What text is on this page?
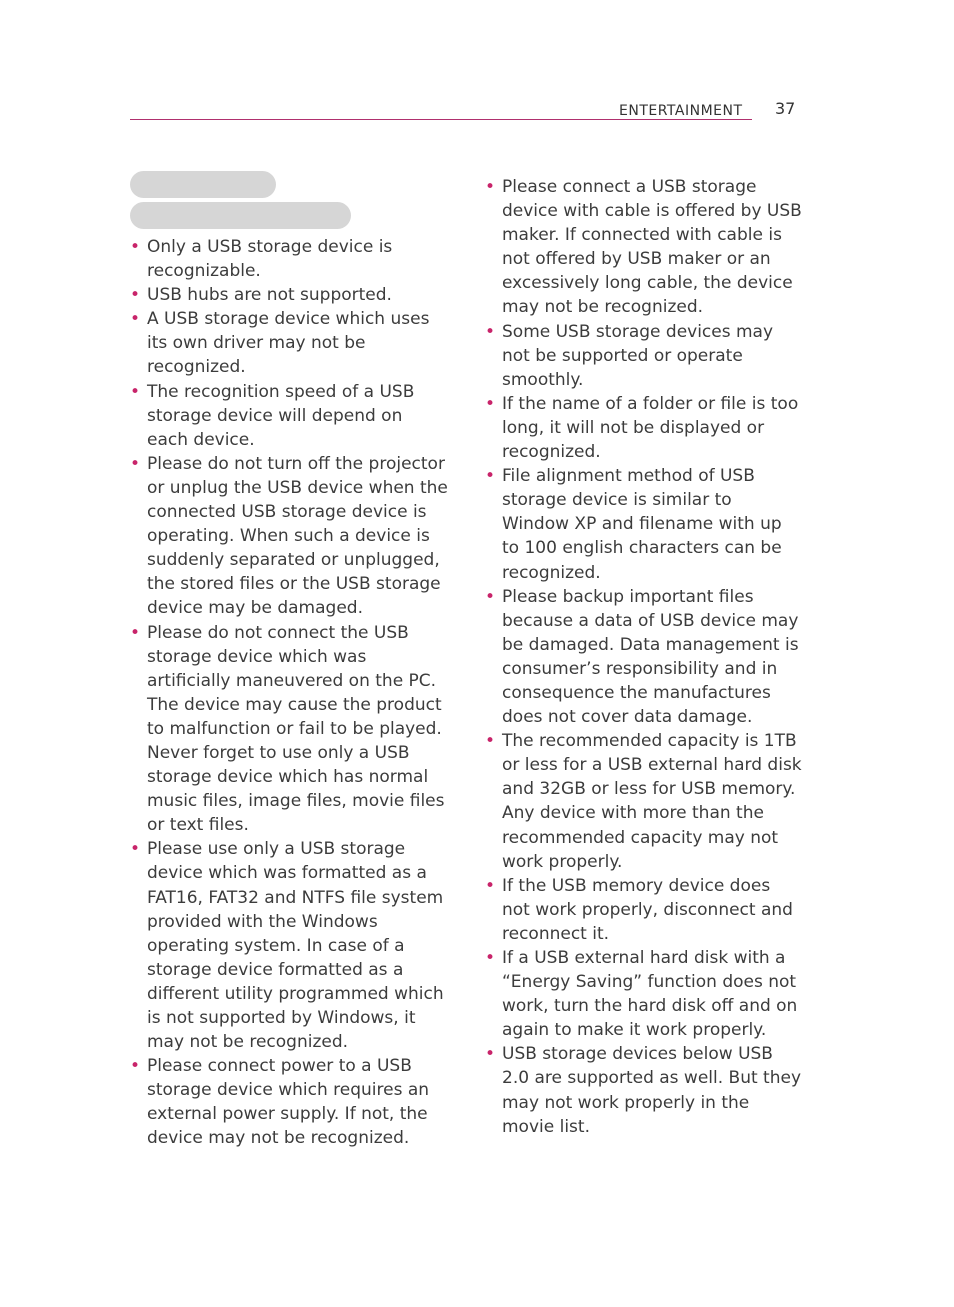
ENTERTAINMENT 37
• Only a USB storage device is recognizable.
• USB hubs are not supported.
• A USB storage device which uses its own driver may not be recognized.
• The recognition speed of a USB storage device will depend on each device.
• Please do not turn off the projector or unplug the USB device when the connected USB storage device is operating. When such a device is suddenly separated or unplugged, the stored files or the USB storage device may be damaged.
• Please do not connect the USB storage device which was artificially maneuvered on the PC. The device may cause the product to malfunction or fail to be played. Never forget to use only a USB storage device which has normal music files, image files, movie files or text files.
• Please use only a USB storage device which was formatted as a FAT16, FAT32 and NTFS file system provided with the Windows operating system. In case of a storage device formatted as a different utility programmed which is not supported by Windows, it may not be recognized.
• Please connect power to a USB storage device which requires an external power supply. If not, the device may not be recognized.
• Please connect a USB storage device with cable is offered by USB maker. If connected with cable is not offered by USB maker or an excessively long cable, the device may not be recognized.
• Some USB storage devices may not be supported or operate smoothly.
• If the name of a folder or file is too long, it will not be displayed or recognized.
• File alignment method of USB storage device is similar to Window XP and filename with up to 100 english characters can be recognized.
• Please backup important files because a data of USB device may be damaged. Data management is consumer’s responsibility and in consequence the manufactures does not cover data damage.
• The recommended capacity is 1TB or less for a USB external hard disk and 32GB or less for USB memory. Any device with more than the recommended capacity may not work properly.
• If the USB memory device does not work properly, disconnect and reconnect it.
• If a USB external hard disk with a “Energy Saving” function does not work, turn the hard disk off and on again to make it work properly.
• USB storage devices below USB 2.0 are supported as well. But they may not work properly in the movie list.
